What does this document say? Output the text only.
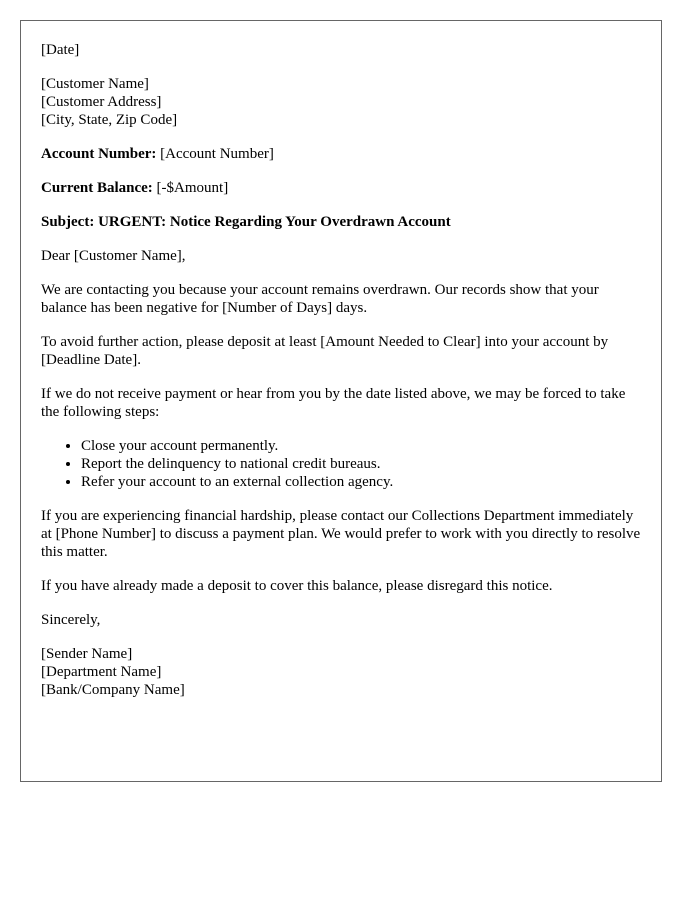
[Date]

[Customer Name]
[Customer Address]
[City, State, Zip Code]

Account Number: [Account Number]

Current Balance: [-$Amount]

Subject: URGENT: Notice Regarding Your Overdrawn Account

Dear [Customer Name],

We are contacting you because your account remains overdrawn. Our records show that your balance has been negative for [Number of Days] days.

To avoid further action, please deposit at least [Amount Needed to Clear] into your account by [Deadline Date].

If we do not receive payment or hear from you by the date listed above, we may be forced to take the following steps:

• Close your account permanently.
• Report the delinquency to national credit bureaus.
• Refer your account to an external collection agency.

If you are experiencing financial hardship, please contact our Collections Department immediately at [Phone Number] to discuss a payment plan. We would prefer to work with you directly to resolve this matter.

If you have already made a deposit to cover this balance, please disregard this notice.

Sincerely,

[Sender Name]

[Department Name]

[Bank/Company Name]
